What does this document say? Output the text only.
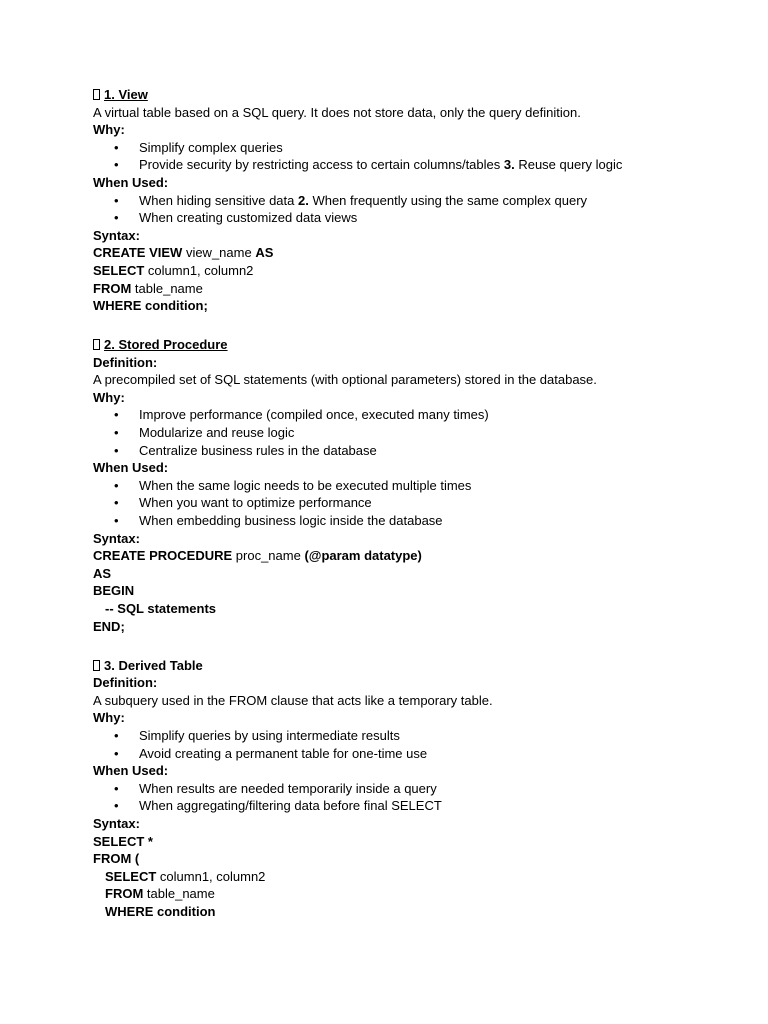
1. View
A virtual table based on a SQL query. It does not store data, only the query definition.
Why:
• Simplify complex queries
• Provide security by restricting access to certain columns/tables 3. Reuse query logic
When Used:
• When hiding sensitive data 2. When frequently using the same complex query
• When creating customized data views
Syntax:
CREATE VIEW view_name AS
SELECT column1, column2
FROM table_name
WHERE condition;
2. Stored Procedure
Definition:
A precompiled set of SQL statements (with optional parameters) stored in the database.
Why:
• Improve performance (compiled once, executed many times)
• Modularize and reuse logic
• Centralize business rules in the database
When Used:
• When the same logic needs to be executed multiple times
• When you want to optimize performance
• When embedding business logic inside the database
Syntax:
CREATE PROCEDURE proc_name (@param datatype)
AS
BEGIN
-- SQL statements
END;
3. Derived Table
Definition:
A subquery used in the FROM clause that acts like a temporary table.
Why:
• Simplify queries by using intermediate results
• Avoid creating a permanent table for one-time use
When Used:
• When results are needed temporarily inside a query
• When aggregating/filtering data before final SELECT
Syntax:
SELECT *
FROM (
SELECT column1, column2
FROM table_name
WHERE condition
